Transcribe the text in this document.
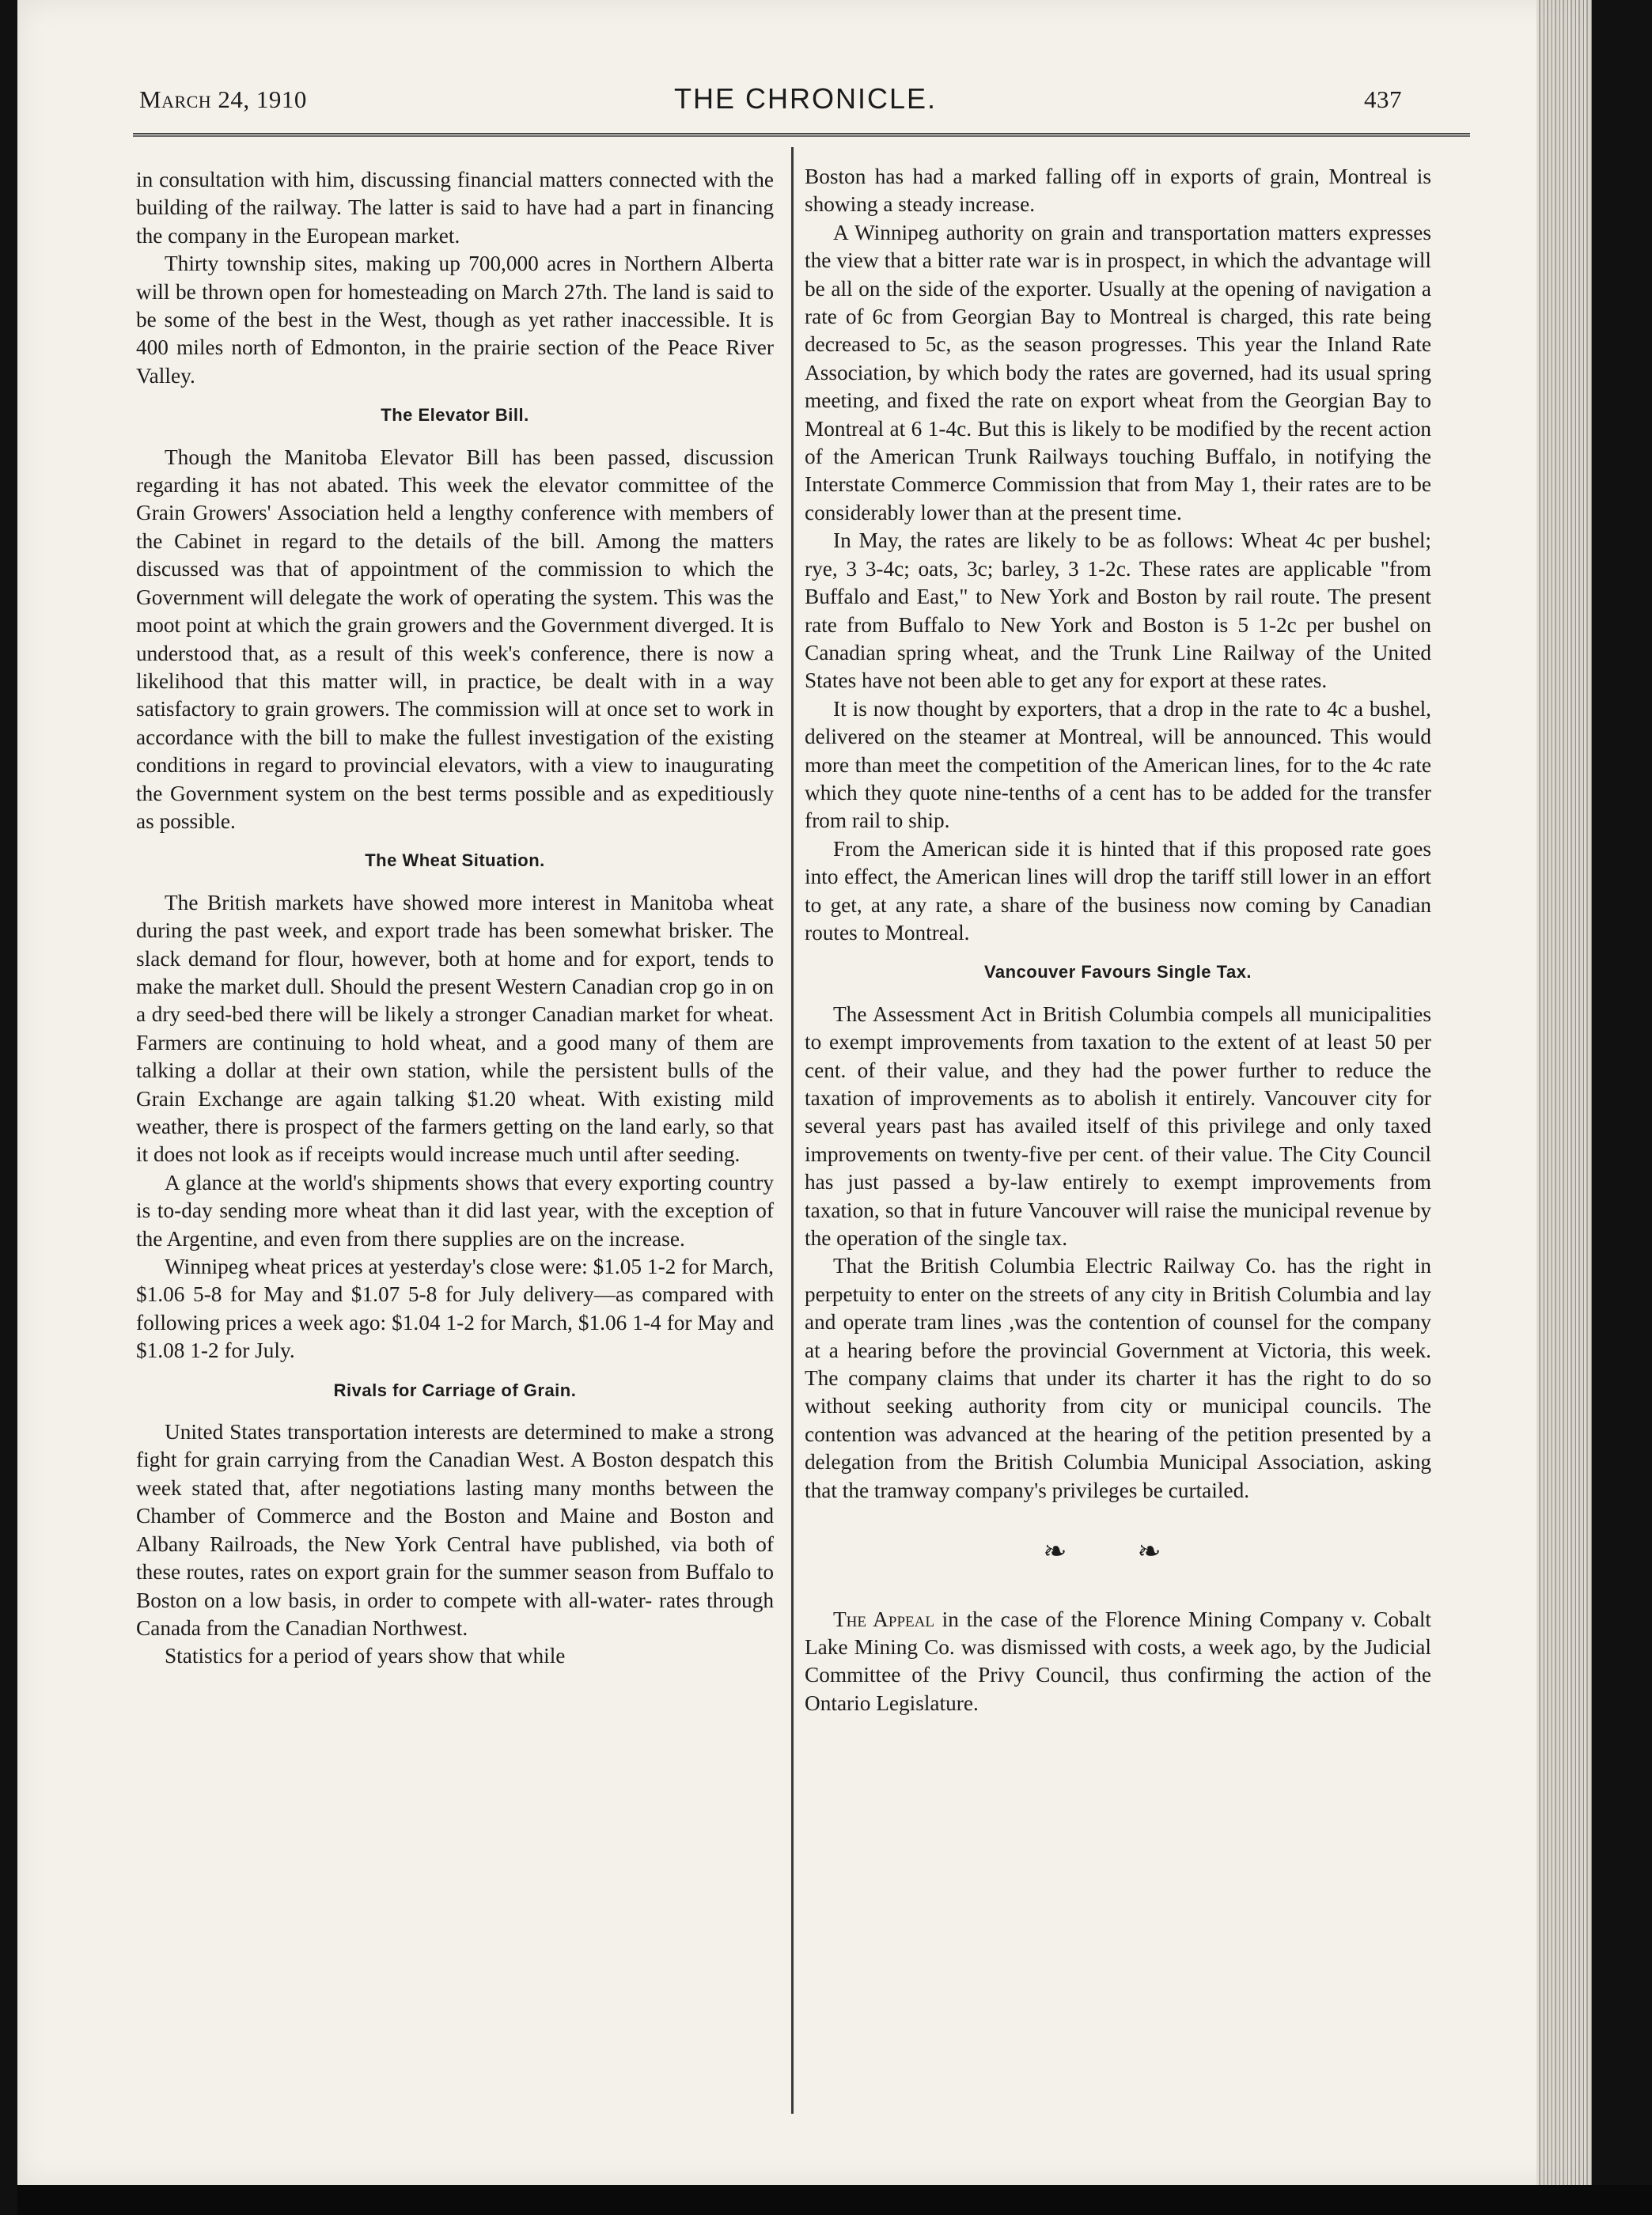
March 24, 1910	THE CHRONICLE.	437

in consultation with him, discussing financial matters connected with the building of the railway. The latter is said to have had a part in financing the company in the European market.

Thirty township sites, making up 700,000 acres in Northern Alberta will be thrown open for homesteading on March 27th. The land is said to be some of the best in the West, though as yet rather inaccessible. It is 400 miles north of Edmonton, in the prairie section of the Peace River Valley.

The Elevator Bill.

Though the Manitoba Elevator Bill has been passed, discussion regarding it has not abated. This week the elevator committee of the Grain Growers' Association held a lengthy conference with members of the Cabinet in regard to the details of the bill. Among the matters discussed was that of appointment of the commission to which the Government will delegate the work of operating the system. This was the moot point at which the grain growers and the Government diverged. It is understood that, as a result of this week's conference, there is now a likelihood that this matter will, in practice, be dealt with in a way satisfactory to grain growers. The commission will at once set to work in accordance with the bill to make the fullest investigation of the existing conditions in regard to provincial elevators, with a view to inaugurating the Government system on the best terms possible and as expeditiously as possible.

The Wheat Situation.

The British markets have showed more interest in Manitoba wheat during the past week, and export trade has been somewhat brisker. The slack demand for flour, however, both at home and for export, tends to make the market dull. Should the present Western Canadian crop go in on a dry seed-bed there will be likely a stronger Canadian market for wheat. Farmers are continuing to hold wheat, and a good many of them are talking a dollar at their own station, while the persistent bulls of the Grain Exchange are again talking $1.20 wheat. With existing mild weather, there is prospect of the farmers getting on the land early, so that it does not look as if receipts would increase much until after seeding.

A glance at the world's shipments shows that every exporting country is to-day sending more wheat than it did last year, with the exception of the Argentine, and even from there supplies are on the increase.

Winnipeg wheat prices at yesterday's close were: $1.05 1-2 for March, $1.06 5-8 for May and $1.07 5-8 for July delivery—as compared with following prices a week ago: $1.04 1-2 for March, $1.06 1-4 for May and $1.08 1-2 for July.

Rivals for Carriage of Grain.

United States transportation interests are determined to make a strong fight for grain carrying from the Canadian West. A Boston despatch this week stated that, after negotiations lasting many months between the Chamber of Commerce and the Boston and Maine and Boston and Albany Railroads, the New York Central have published, via both of these routes, rates on export grain for the summer season from Buffalo to Boston on a low basis, in order to compete with all-water- rates through Canada from the Canadian Northwest.

Statistics for a period of years show that while

Boston has had a marked falling off in exports of grain, Montreal is showing a steady increase.

A Winnipeg authority on grain and transportation matters expresses the view that a bitter rate war is in prospect, in which the advantage will be all on the side of the exporter. Usually at the opening of navigation a rate of 6c from Georgian Bay to Montreal is charged, this rate being decreased to 5c, as the season progresses. This year the Inland Rate Association, by which body the rates are governed, had its usual spring meeting, and fixed the rate on export wheat from the Georgian Bay to Montreal at 6 1-4c. But this is likely to be modified by the recent action of the American Trunk Railways touching Buffalo, in notifying the Interstate Commerce Commission that from May 1, their rates are to be considerably lower than at the present time.

In May, the rates are likely to be as follows: Wheat 4c per bushel; rye, 3 3-4c; oats, 3c; barley, 3 1-2c. These rates are applicable "from Buffalo and East," to New York and Boston by rail route. The present rate from Buffalo to New York and Boston is 5 1-2c per bushel on Canadian spring wheat, and the Trunk Line Railway of the United States have not been able to get any for export at these rates.

It is now thought by exporters, that a drop in the rate to 4c a bushel, delivered on the steamer at Montreal, will be announced. This would more than meet the competition of the American lines, for to the 4c rate which they quote nine-tenths of a cent has to be added for the transfer from rail to ship.

From the American side it is hinted that if this proposed rate goes into effect, the American lines will drop the tariff still lower in an effort to get, at any rate, a share of the business now coming by Canadian routes to Montreal.

Vancouver Favours Single Tax.

The Assessment Act in British Columbia compels all municipalities to exempt improvements from taxation to the extent of at least 50 per cent. of their value, and they had the power further to reduce the taxation of improvements as to abolish it entirely. Vancouver city for several years past has availed itself of this privilege and only taxed improvements on twenty-five per cent. of their value. The City Council has just passed a by-law entirely to exempt improvements from taxation, so that in future Vancouver will raise the municipal revenue by the operation of the single tax.

That the British Columbia Electric Railway Co. has the right in perpetuity to enter on the streets of any city in British Columbia and lay and operate tram lines ,was the contention of counsel for the company at a hearing before the provincial Government at Victoria, this week. The company claims that under its charter it has the right to do so without seeking authority from city or municipal councils. The contention was advanced at the hearing of the petition presented by a delegation from the British Columbia Municipal Association, asking that the tramway company's privileges be curtailed.

❧ ❧

The Appeal in the case of the Florence Mining Company v. Cobalt Lake Mining Co. was dismissed with costs, a week ago, by the Judicial Committee of the Privy Council, thus confirming the action of the Ontario Legislature.
